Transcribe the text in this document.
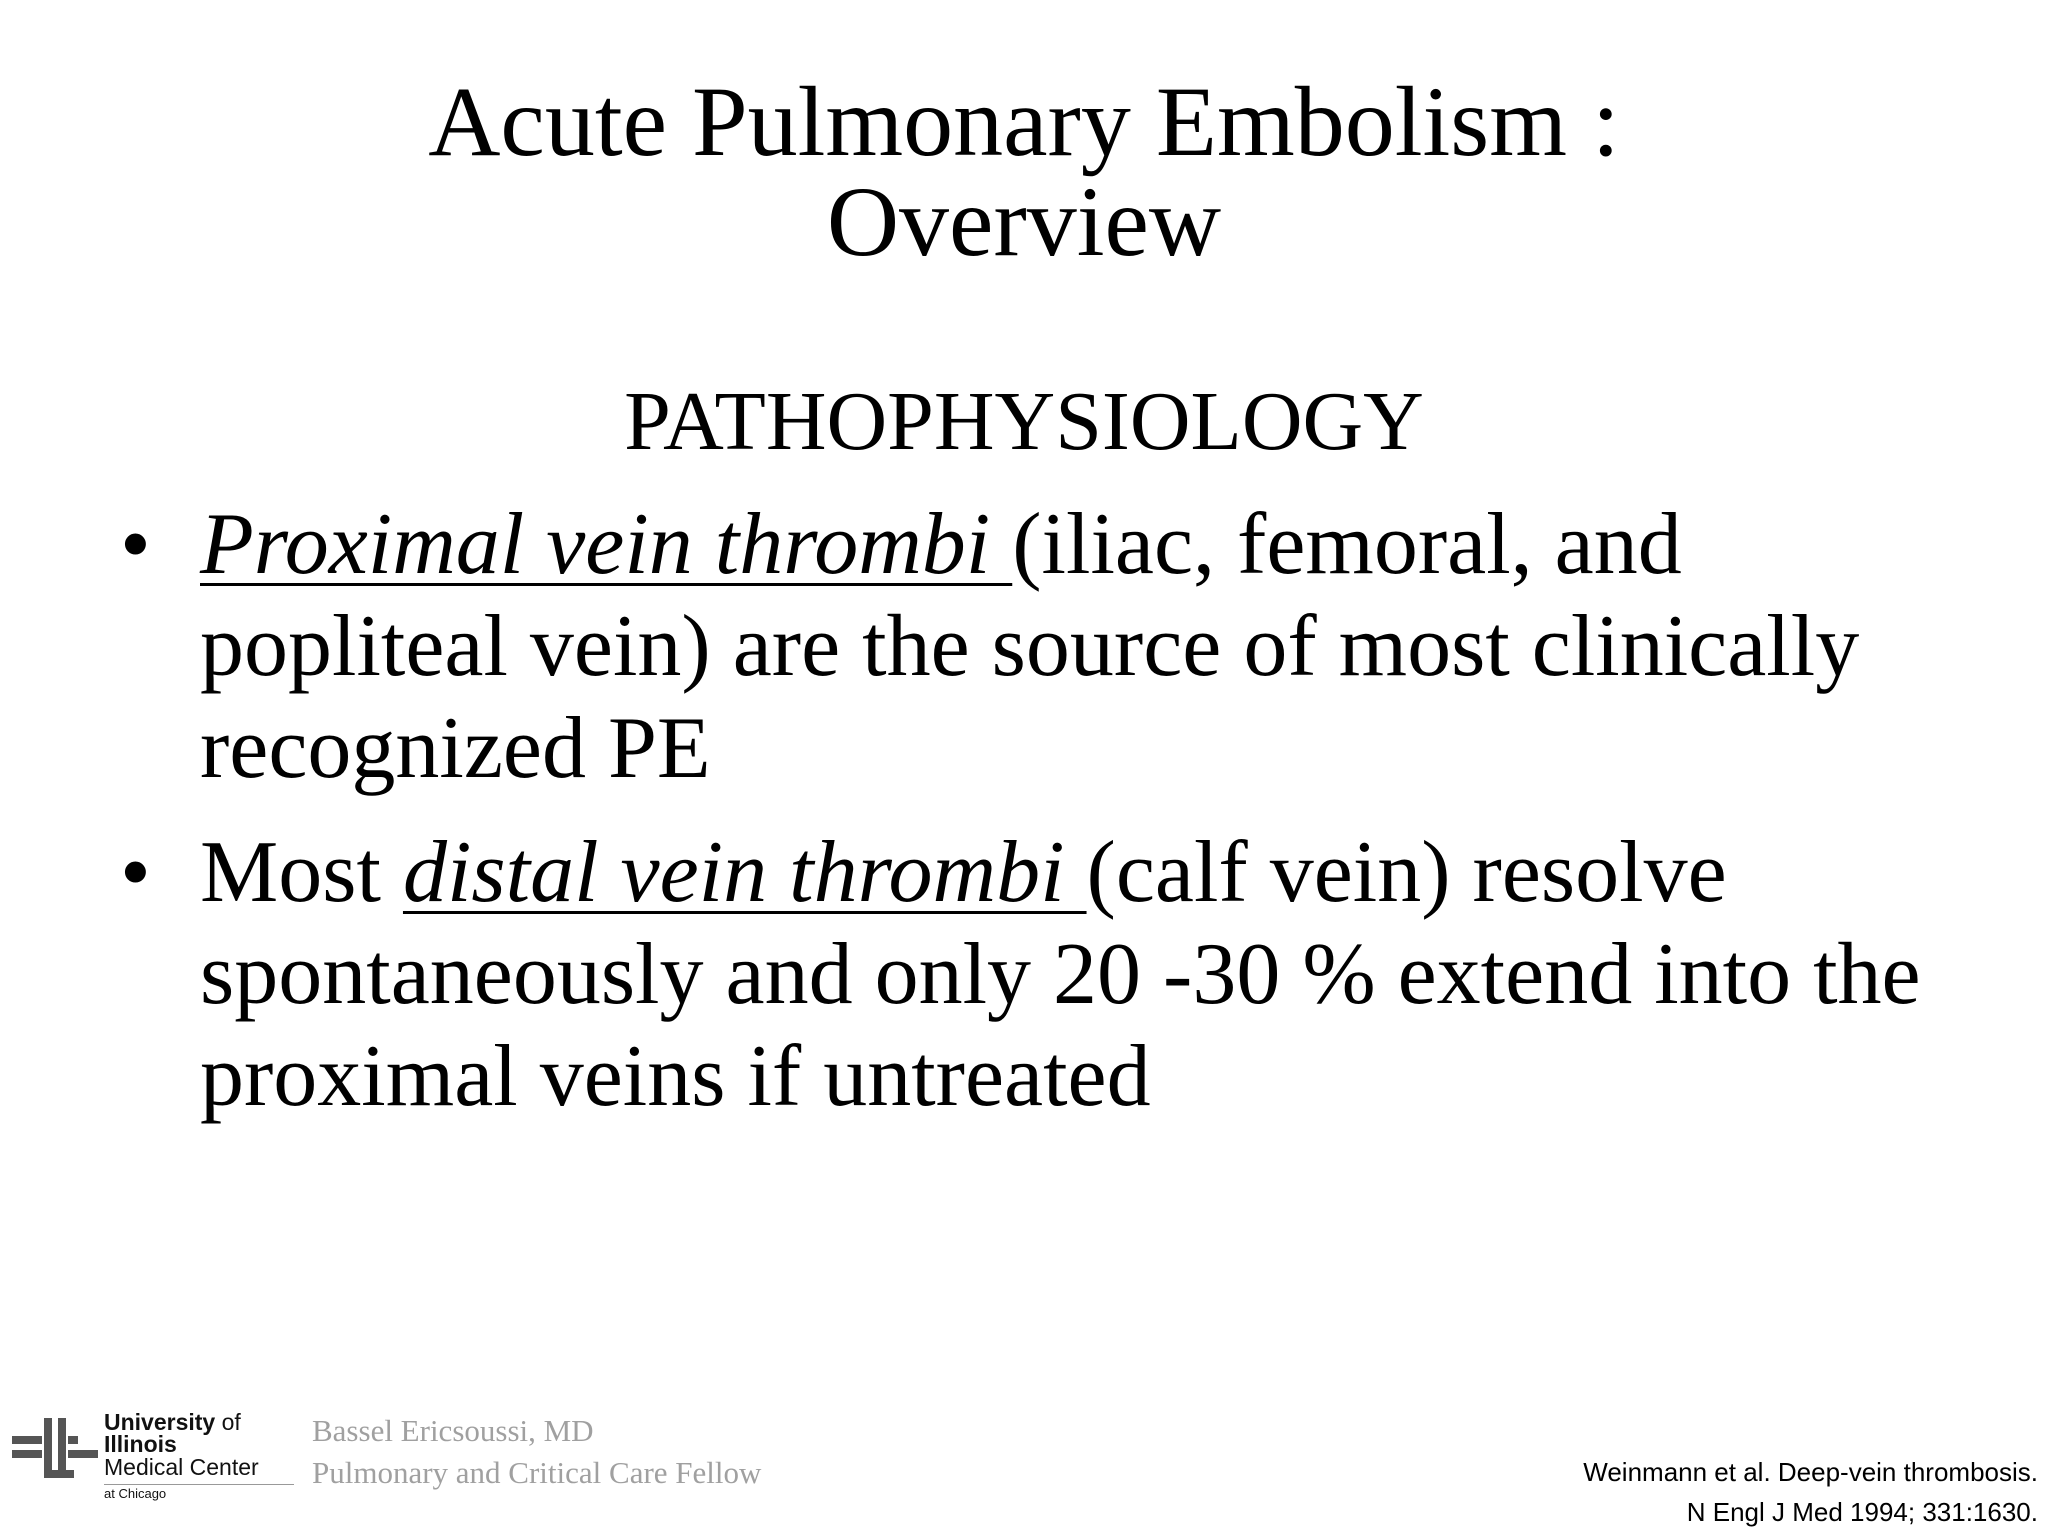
Acute Pulmonary Embolism :
Overview
PATHOPHYSIOLOGY
• Proximal vein thrombi (iliac, femoral, and popliteal vein) are the source of most clinically recognized PE
• Most distal vein thrombi (calf vein) resolve spontaneously and only 20 -30 % extend into the proximal veins if untreated
University of
Illinois
Medical Center
at Chicago
Bassel Ericsoussi, MD
Pulmonary and Critical Care Fellow	Weinmann et al. Deep-vein thrombosis.
N Engl J Med 1994; 331:1630.
